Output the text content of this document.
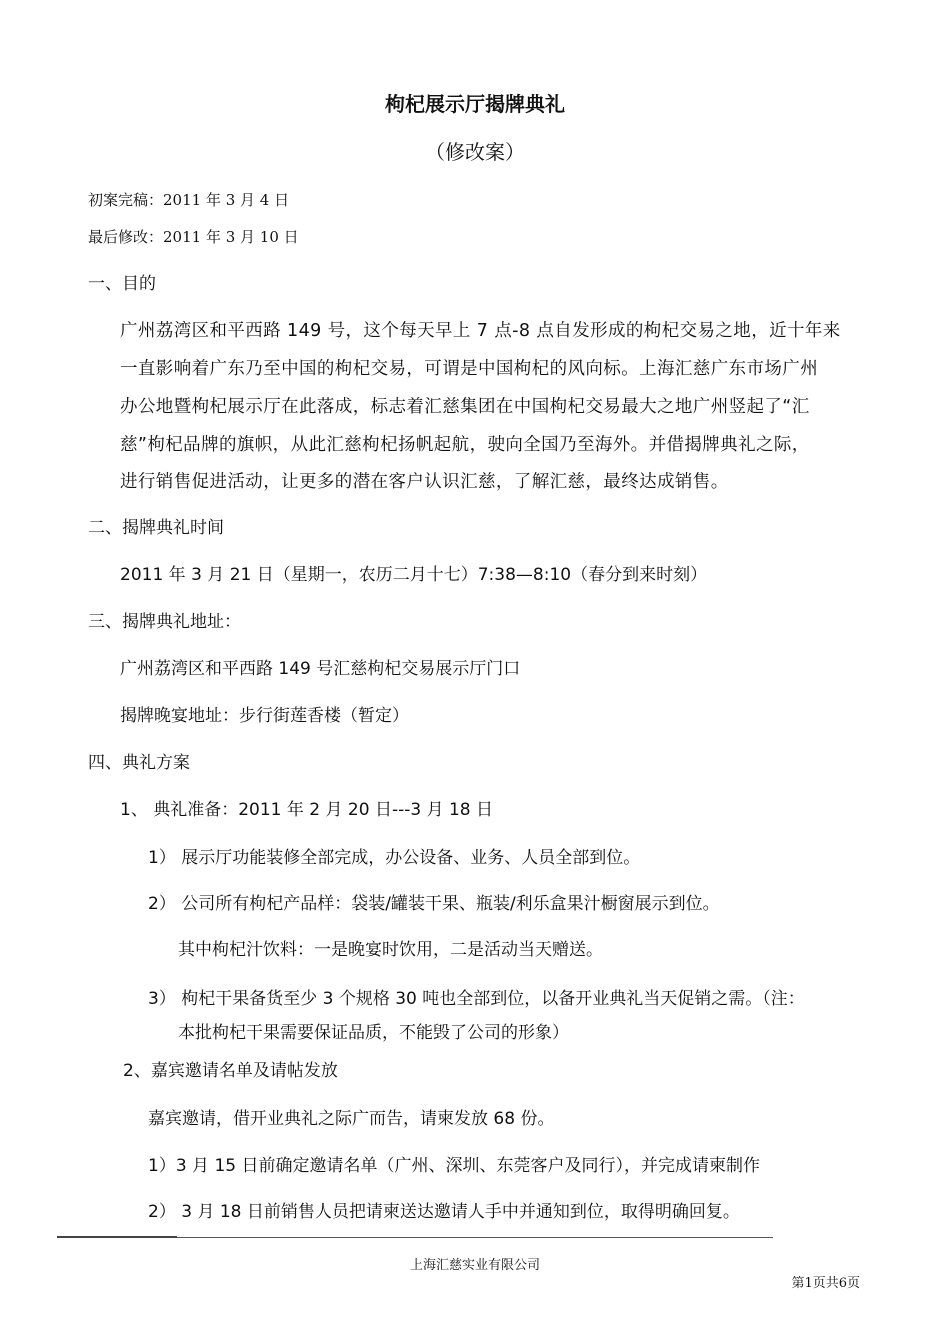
枸杞展示厅揭牌典礼
（修改案）
初案完稿：2011 年 3 月 4 日
最后修改：2011 年 3 月 10 日
一、目的
广州荔湾区和平西路 149 号，这个每天早上 7 点-8 点自发形成的枸杞交易之地，近十年来
一直影响着广东乃至中国的枸杞交易，可谓是中国枸杞的风向标。上海汇慈广东市场广州
办公地暨枸杞展示厅在此落成，标志着汇慈集团在中国枸杞交易最大之地广州竖起了“汇
慈”枸杞品牌的旗帜，从此汇慈枸杞扬帆起航，驶向全国乃至海外。并借揭牌典礼之际，
进行销售促进活动，让更多的潜在客户认识汇慈，了解汇慈，最终达成销售。
二、揭牌典礼时间
2011 年 3 月 21 日（星期一，农历二月十七）7:38—8:10（春分到来时刻）
三、揭牌典礼地址：
广州荔湾区和平西路 149 号汇慈枸杞交易展示厅门口
揭牌晚宴地址：步行街莲香楼（暂定）
四、典礼方案
1、 典礼准备：2011 年 2 月 20 日---3 月 18 日
1） 展示厅功能装修全部完成，办公设备、业务、人员全部到位。
2） 公司所有枸杞产品样：袋装/罐装干果、瓶装/利乐盒果汁橱窗展示到位。
其中枸杞汁饮料：一是晚宴时饮用，二是活动当天赠送。
3） 枸杞干果备货至少 3 个规格 30 吨也全部到位，以备开业典礼当天促销之需。（注：
本批枸杞干果需要保证品质，不能毁了公司的形象）
2、嘉宾邀请名单及请帖发放
嘉宾邀请，借开业典礼之际广而告，请柬发放 68 份。
1）3 月 15 日前确定邀请名单（广州、深圳、东莞客户及同行），并完成请柬制作
2） 3 月 18 日前销售人员把请柬送达邀请人手中并通知到位，取得明确回复。
上海汇慈实业有限公司
第1页共6页
